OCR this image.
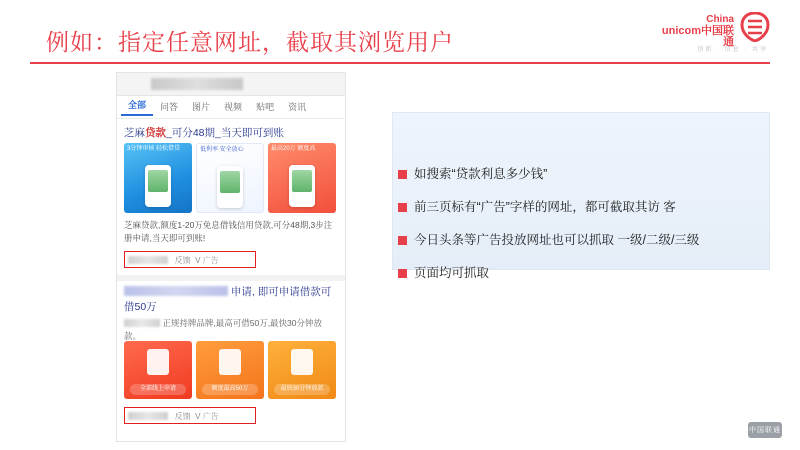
例如：指定任意网址，截取其浏览用户
China
unicom中国联通
创新 · 信息 · 共享
全部	问答	图片	视频	贴吧	资讯
芝麻贷款_可分48期_当天即可到账
3分钟审核 轻松借贷	低利率 安全放心	最高20万 额度高
芝麻贷款,额度1-20万免息借钱信用贷款,可分48期,3步注册申请,当天即可到账!
反馈  V 广告
申请, 即可申请借款可借50万
正规持牌品牌,最高可借50万,最快30分钟放款。
全部线上申请	额度最高50万	最快30分钟放款
反馈  V 广告
如搜索“贷款利息多少钱”
前三页标有“广告”字样的网址，都可截取其访 客
今日头条等广告投放网址也可以抓取 一级/二级/三级
页面均可抓取
中国联通
